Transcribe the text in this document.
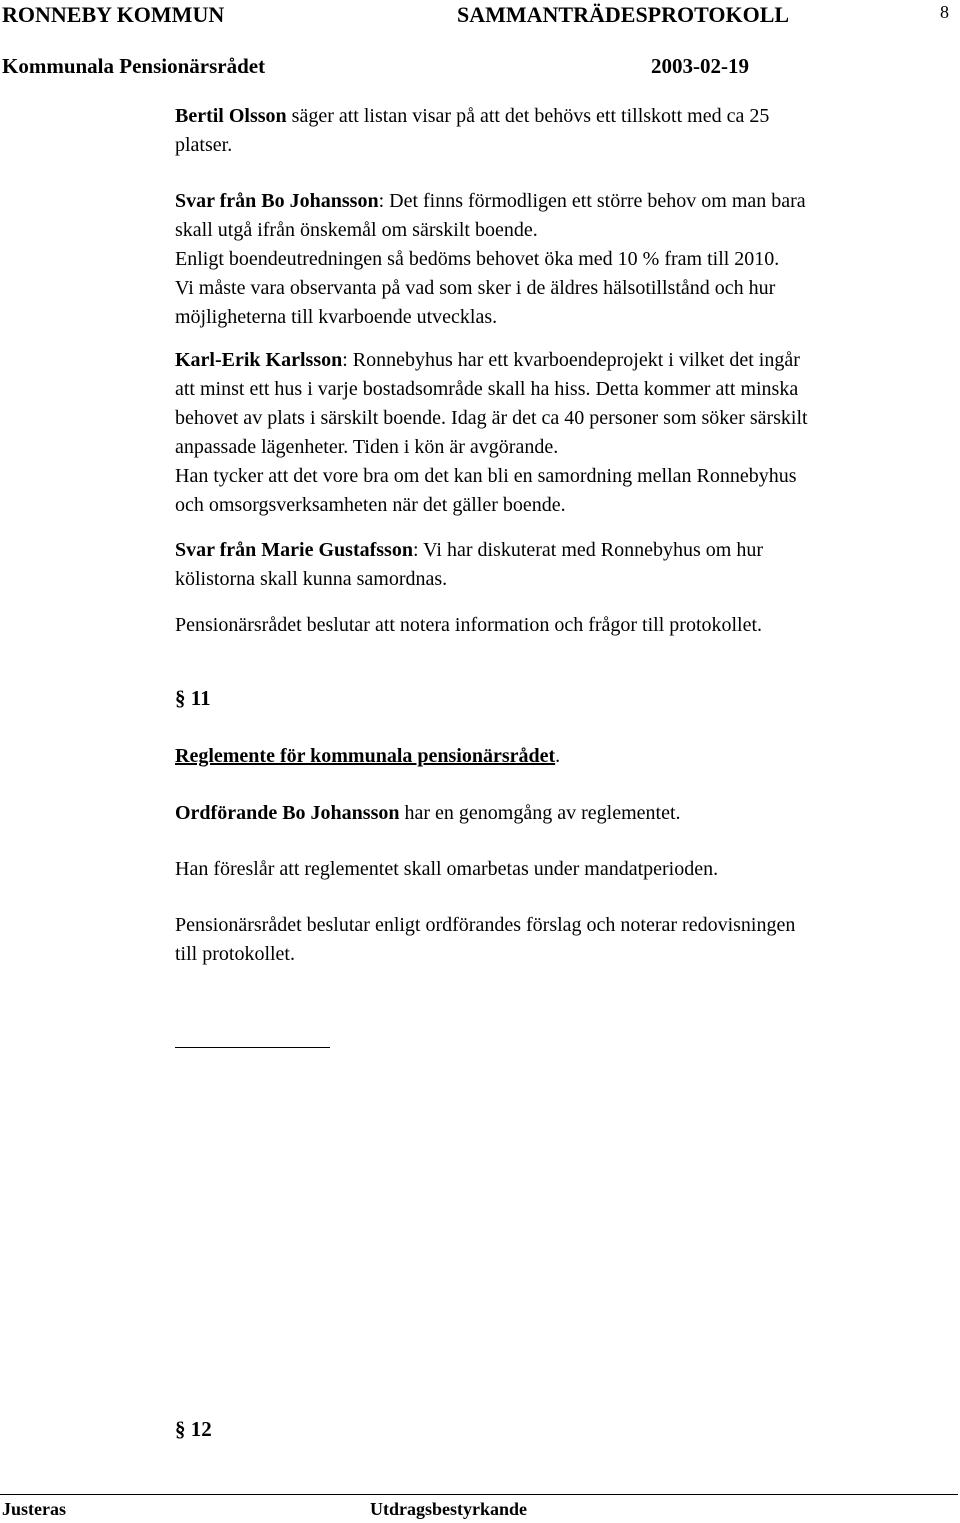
RONNEBY KOMMUN	SAMMANTRÄDESPROTOKOLL	8
Kommunala Pensionärsrådet	2003-02-19
Bertil Olsson säger att listan visar på att det behövs ett tillskott med ca 25
platser.
Svar från Bo Johansson: Det finns förmodligen ett större behov om man bara
skall utgå ifrån önskemål om särskilt boende.
Enligt boendeutredningen så bedöms behovet öka med 10 % fram till 2010.
Vi måste vara observanta på vad som sker i de äldres hälsotillstånd och hur
möjligheterna till kvarboende utvecklas.
Karl-Erik Karlsson: Ronnebyhus har ett kvarboendeprojekt i vilket det ingår
att minst ett hus i varje bostadsområde skall ha hiss. Detta kommer att minska
behovet av plats i särskilt boende. Idag är det ca 40 personer som söker särskilt
anpassade lägenheter. Tiden i kön är avgörande.
Han tycker att det vore bra om det kan bli en samordning mellan Ronnebyhus
och omsorgsverksamheten när det gäller boende.
Svar från Marie Gustafsson: Vi har diskuterat med Ronnebyhus om hur
kölistorna skall kunna samordnas.
Pensionärsrådet beslutar att notera information och frågor till protokollet.
§ 11
Reglemente för kommunala pensionärsrådet.
Ordförande Bo Johansson har en genomgång av reglementet.
Han föreslår att reglementet skall omarbetas under mandatperioden.
Pensionärsrådet beslutar enligt ordförandes förslag och noterar redovisningen
till protokollet.
§ 12
Justeras	Utdragsbestyrkande
